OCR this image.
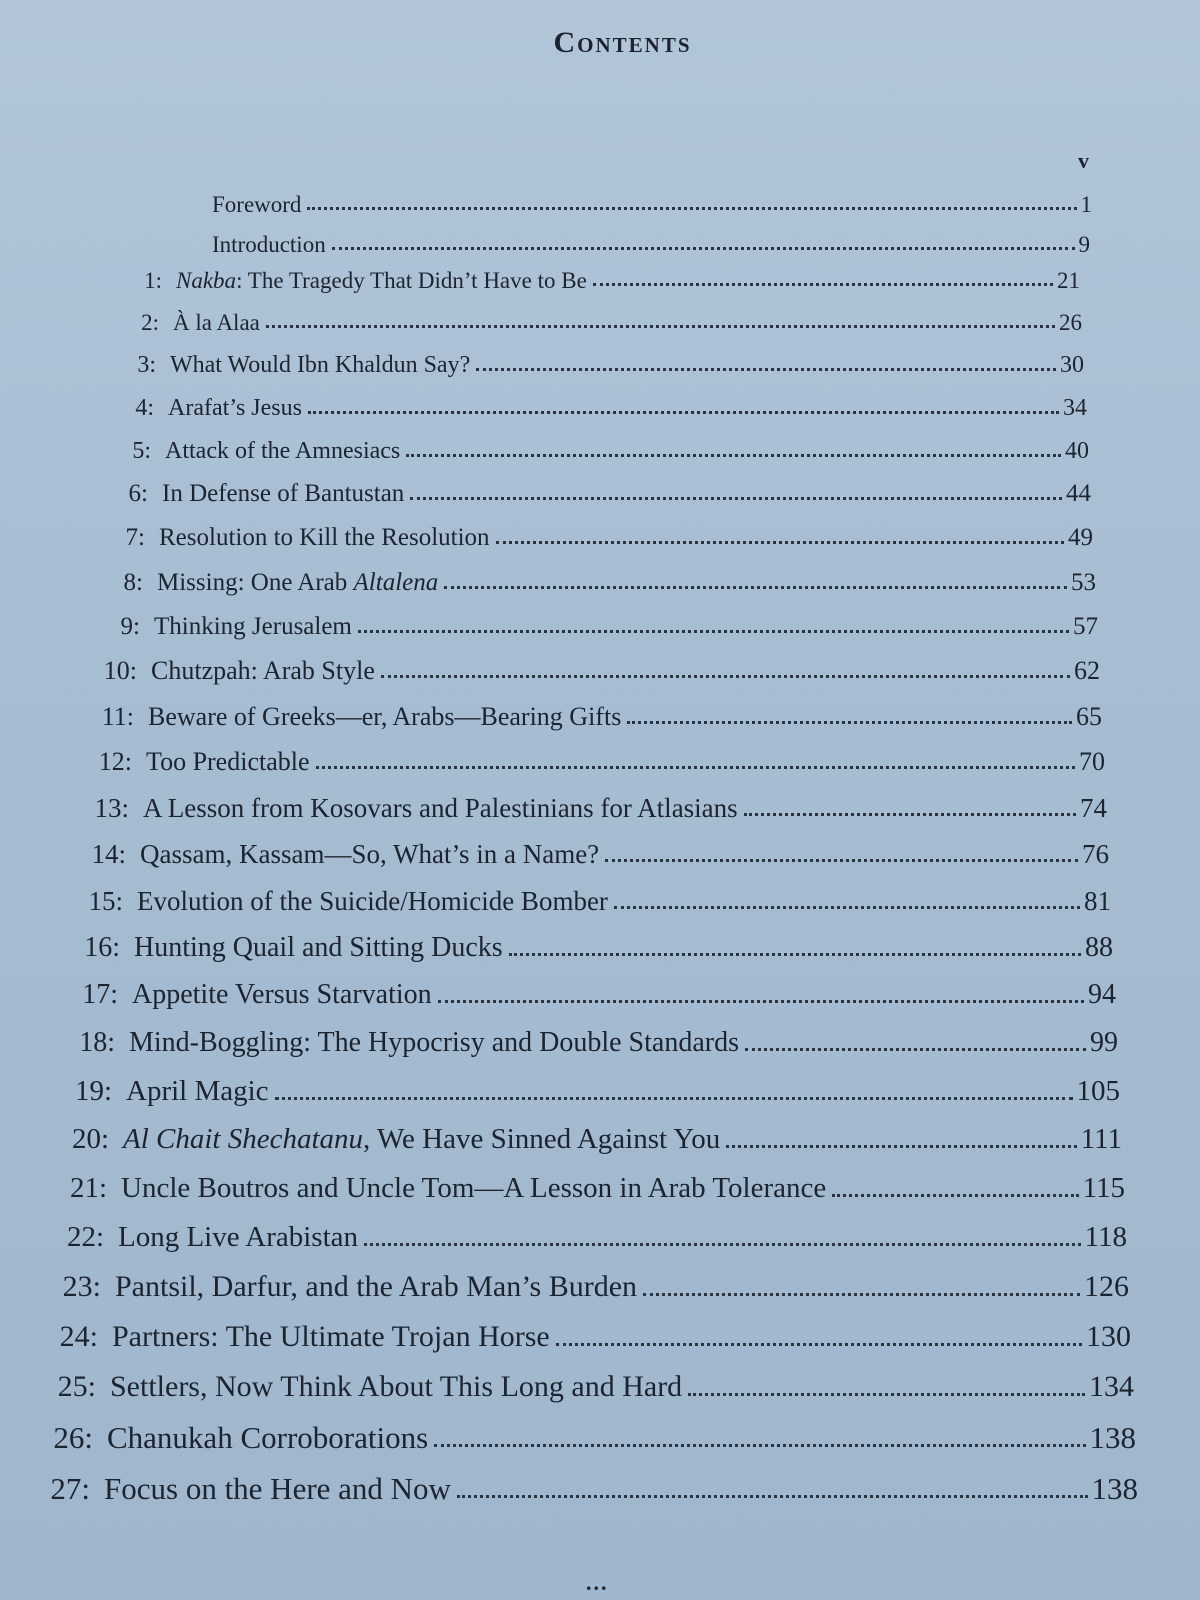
Contents
v
Foreword	1
Introduction	9
1: Nakba: The Tragedy That Didn’t Have to Be	21
2: À la Alaa	26
3: What Would Ibn Khaldun Say?	30
4: Arafat’s Jesus	34
5: Attack of the Amnesiacs	40
6: In Defense of Bantustan	44
7: Resolution to Kill the Resolution	49
8: Missing: One Arab Altalena	53
9: Thinking Jerusalem	57
10: Chutzpah: Arab Style	62
11: Beware of Greeks—er, Arabs—Bearing Gifts	65
12: Too Predictable	70
13: A Lesson from Kosovars and Palestinians for Atlasians	74
14: Qassam, Kassam—So, What’s in a Name?	76
15: Evolution of the Suicide/Homicide Bomber	81
16: Hunting Quail and Sitting Ducks	88
17: Appetite Versus Starvation	94
18: Mind-Boggling: The Hypocrisy and Double Standards	99
19: April Magic	105
20: Al Chait Shechatanu, We Have Sinned Against You	111
21: Uncle Boutros and Uncle Tom—A Lesson in Arab Tolerance	115
22: Long Live Arabistan	118
23: Pantsil, Darfur, and the Arab Man’s Burden	126
24: Partners: The Ultimate Trojan Horse	130
25: Settlers, Now Think About This Long and Hard	134
26: Chanukah Corroborations	138
27: Focus on the Here and Now	138
...
